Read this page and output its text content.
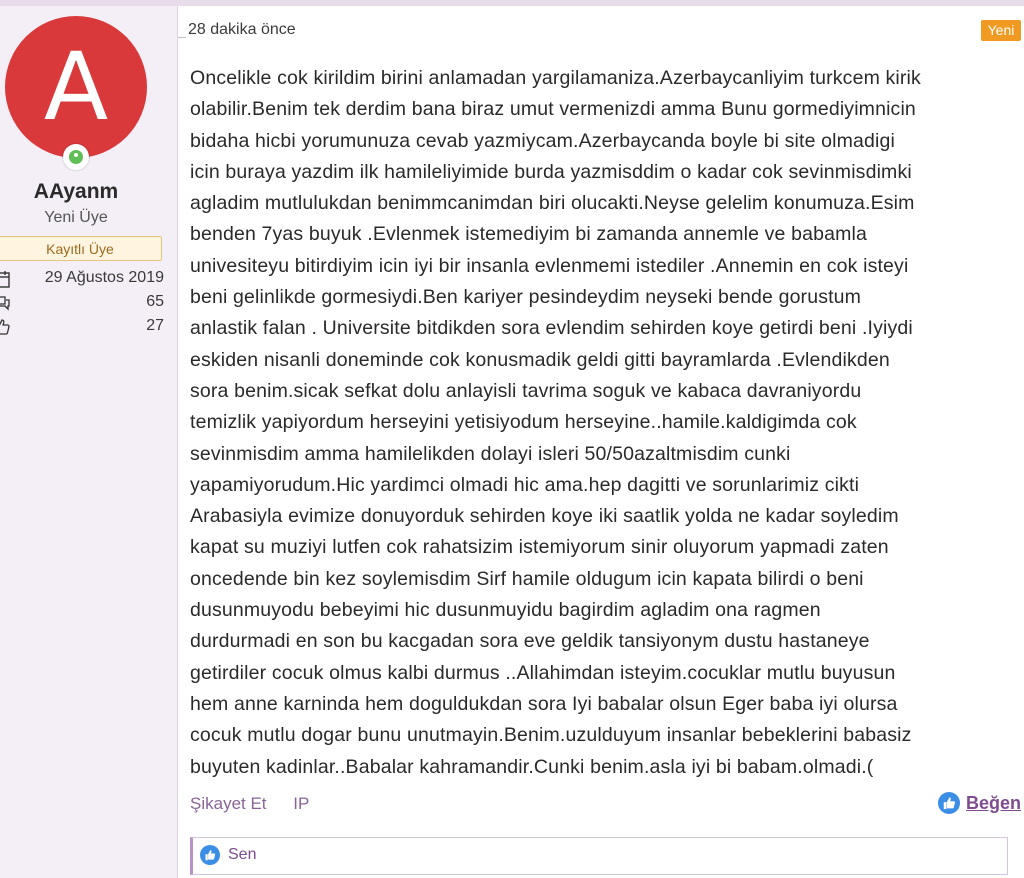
A
AAyanm
Yeni Üye
Kayıtlı Üye
29 Ağustos 2019
65
27
28 dakika önce	Yeni
Oncelikle cok kirildim birini anlamadan yargilamaniza.Azerbaycanliyim turkcem kirik
olabilir.Benim tek derdim bana biraz umut vermenizdi amma Bunu gormediyimnicin
bidaha hicbi yorumunuza cevab yazmiycam.Azerbaycanda boyle bi site olmadigi
icin buraya yazdim ilk hamileliyimide burda yazmisddim o kadar cok sevinmisdimki
agladim mutlulukdan benimmcanimdan biri olucakti.Neyse gelelim konumuza.Esim
benden 7yas buyuk .Evlenmek istemediyim bi zamanda annemle ve babamla
univesiteyu bitirdiyim icin iyi bir insanla evlenmemi istediler .Annemin en cok isteyi
beni gelinlikde gormesiydi.Ben kariyer pesindeydim neyseki bende gorustum
anlastik falan . Universite bitdikden sora evlendim sehirden koye getirdi beni .Iyiydi
eskiden nisanli doneminde cok konusmadik geldi gitti bayramlarda .Evlendikden
sora benim.sicak sefkat dolu anlayisli tavrima soguk ve kabaca davraniyordu
temizlik yapiyordum herseyini yetisiyodum herseyine..hamile.kaldigimda cok
sevinmisdim amma hamilelikden dolayi isleri 50/50azaltmisdim cunki
yapamiyorudum.Hic yardimci olmadi hic ama.hep dagitti ve sorunlarimiz cikti
Arabasiyla evimize donuyorduk sehirden koye iki saatlik yolda ne kadar soyledim
kapat su muziyi lutfen cok rahatsizim istemiyorum sinir oluyorum yapmadi zaten
oncedende bin kez soylemisdim Sirf hamile oldugum icin kapata bilirdi o beni
dusunmuyodu bebeyimi hic dusunmuyidu bagirdim agladim ona ragmen
durdurmadi en son bu kacgadan sora eve geldik tansiyonym dustu hastaneye
getirdiler cocuk olmus kalbi durmus ..Allahimdan isteyim.cocuklar mutlu buyusun
hem anne karninda hem doguldukdan sora Iyi babalar olsun Eger baba iyi olursa
cocuk mutlu dogar bunu unutmayin.Benim.uzulduyum insanlar bebeklerini babasiz
buyuten kadinlar..Babalar kahramandir.Cunki benim.asla iyi bi babam.olmadi.(
Şikayet Et IP	Beğen
Sen
